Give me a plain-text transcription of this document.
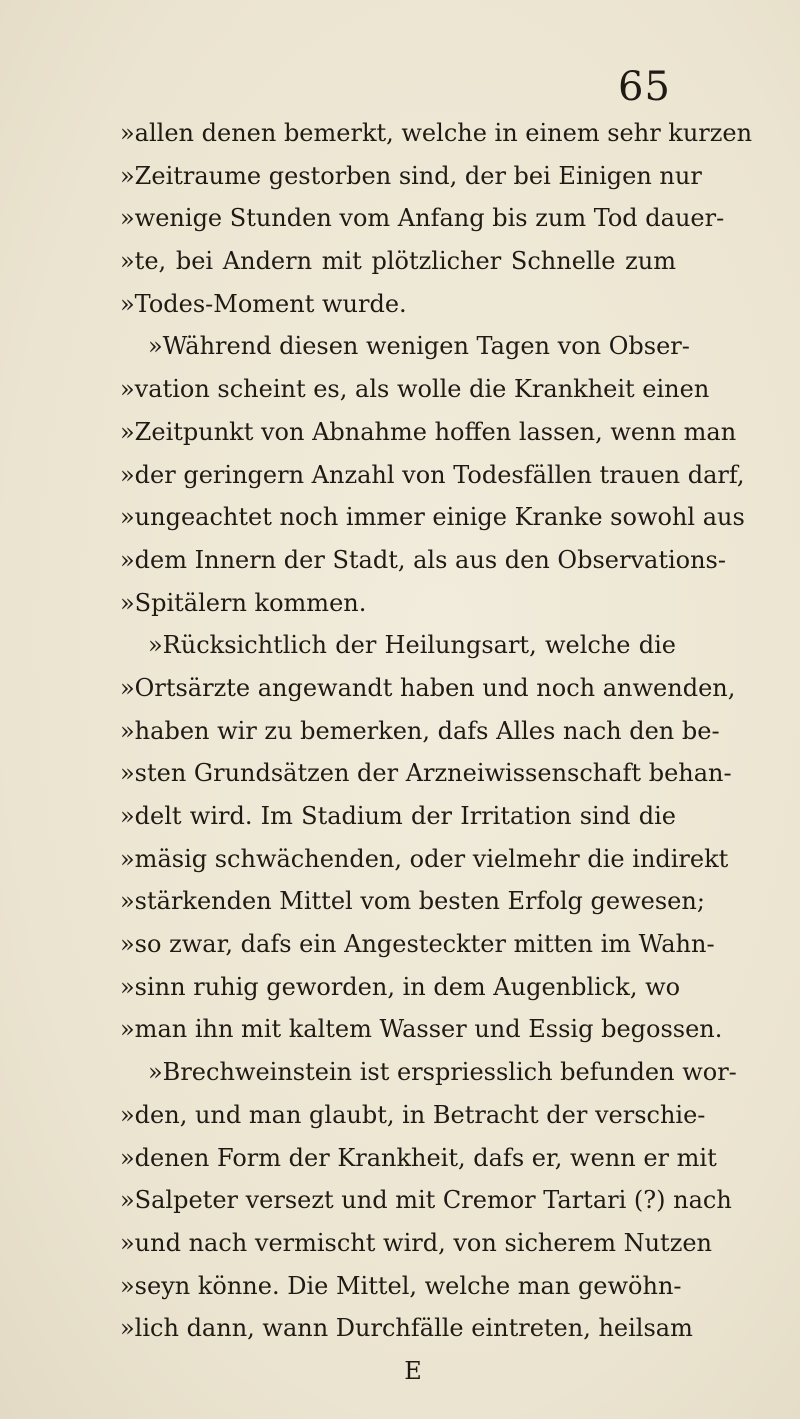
65
»allen denen bemerkt, welche in einem sehr kurzen
»Zeitraume gestorben sind, der bei Einigen nur
»wenige Stunden vom Anfang bis zum Tod dauer-
»te, bei Andern mit plötzlicher Schnelle zum
»Todes-Moment wurde.
»Während diesen wenigen Tagen von Obser-
»vation scheint es, als wolle die Krankheit einen
»Zeitpunkt von Abnahme hoffen lassen, wenn man
»der geringern Anzahl von Todesfällen trauen darf,
»ungeachtet noch immer einige Kranke sowohl aus
»dem Innern der Stadt, als aus den Observations-
»Spitälern kommen.
»Rücksichtlich der Heilungsart, welche die
»Ortsärzte angewandt haben und noch anwenden,
»haben wir zu bemerken, dafs Alles nach den be-
»sten Grundsätzen der Arzneiwissenschaft behan-
»delt wird. Im Stadium der Irritation sind die
»mäsig schwächenden, oder vielmehr die indirekt
»stärkenden Mittel vom besten Erfolg gewesen;
»so zwar, dafs ein Angesteckter mitten im Wahn-
»sinn ruhig geworden, in dem Augenblick, wo
»man ihn mit kaltem Wasser und Essig begossen.
»Brechweinstein ist erspriesslich befunden wor-
»den, und man glaubt, in Betracht der verschie-
»denen Form der Krankheit, dafs er, wenn er mit
»Salpeter versezt und mit Cremor Tartari (?) nach
»und nach vermischt wird, von sicherem Nutzen
»seyn könne. Die Mittel, welche man gewöhn-
»lich dann, wann Durchfälle eintreten, heilsam
E
